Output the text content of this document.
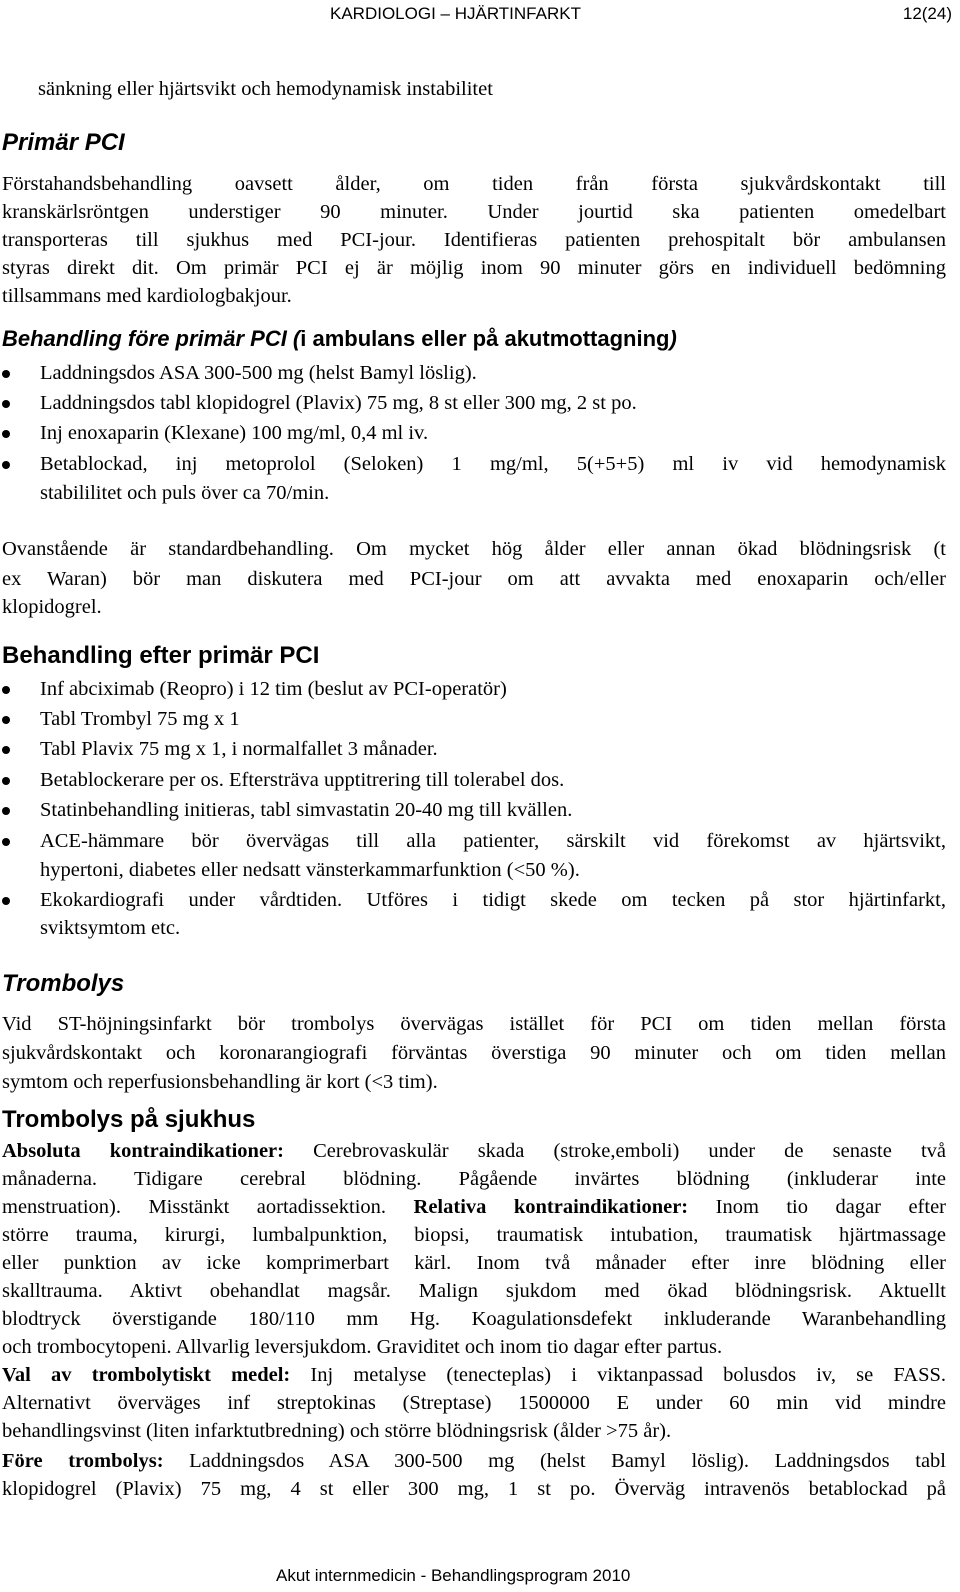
KARDIOLOGI – HJÄRTINFARKT	12(24)
sänkning eller hjärtsvikt och hemodynamisk instabilitet
Primär PCI
Förstahandsbehandling oavsett ålder, om tiden från första sjukvårdskontakt till
kranskärlsröntgen understiger 90 minuter. Under jourtid ska patienten omedelbart
transporteras till sjukhus med PCI-jour. Identifieras patienten prehospitalt bör ambulansen
styras direkt dit. Om primär PCI ej är möjlig inom 90 minuter görs en individuell bedömning
tillsammans med kardiologbakjour.
Behandling före primär PCI (i ambulans eller på akutmottagning)
Laddningsdos ASA 300-500 mg (helst Bamyl löslig).
Laddningsdos tabl klopidogrel (Plavix) 75 mg, 8 st eller 300 mg, 2 st po.
Inj enoxaparin (Klexane) 100 mg/ml, 0,4 ml iv.
Betablockad, inj metoprolol (Seloken) 1 mg/ml, 5(+5+5) ml iv vid hemodynamisk
stabililitet och puls över ca 70/min.
Ovanstående är standardbehandling. Om mycket hög ålder eller annan ökad blödningsrisk (t
ex Waran) bör man diskutera med PCI-jour om att avvakta med enoxaparin och/eller
klopidogrel.
Behandling efter primär PCI
Inf abciximab (Reopro) i 12 tim (beslut av PCI-operatör)
Tabl Trombyl 75 mg x 1
Tabl Plavix 75 mg x 1, i normalfallet 3 månader.
Betablockerare per os. Eftersträva upptitrering till tolerabel dos.
Statinbehandling initieras, tabl simvastatin 20-40 mg till kvällen.
ACE-hämmare bör övervägas till alla patienter, särskilt vid förekomst av hjärtsvikt,
hypertoni, diabetes eller nedsatt vänsterkammarfunktion (<50 %).
Ekokardiografi under vårdtiden. Utföres i tidigt skede om tecken på stor hjärtinfarkt,
sviktsymtom etc.
Trombolys
Vid ST-höjningsinfarkt bör trombolys övervägas istället för PCI om tiden mellan första
sjukvårdskontakt och koronarangiografi förväntas överstiga 90 minuter och om tiden mellan
symtom och reperfusionsbehandling är kort (<3 tim).
Trombolys på sjukhus
Absoluta kontraindikationer: Cerebrovaskulär skada (stroke,emboli) under de senaste två
månaderna. Tidigare cerebral blödning. Pågående invärtes blödning (inkluderar inte
menstruation). Misstänkt aortadissektion. Relativa kontraindikationer: Inom tio dagar efter
större trauma, kirurgi, lumbalpunktion, biopsi, traumatisk intubation, traumatisk hjärtmassage
eller punktion av icke komprimerbart kärl. Inom två månader efter inre blödning eller
skalltrauma. Aktivt obehandlat magsår. Malign sjukdom med ökad blödningsrisk. Aktuellt
blodtryck överstigande 180/110 mm Hg. Koagulationsdefekt inkluderande Waranbehandling
och trombocytopeni. Allvarlig leversjukdom. Graviditet och inom tio dagar efter partus.
Val av trombolytiskt medel: Inj metalyse (tenecteplas) i viktanpassad bolusdos iv, se FASS.
Alternativt överväges inf streptokinas (Streptase) 1500000 E under 60 min vid mindre
behandlingsvinst (liten infarktutbredning) och större blödningsrisk (ålder >75 år).
Före trombolys: Laddningsdos ASA 300-500 mg (helst Bamyl löslig). Laddningsdos tabl
klopidogrel (Plavix) 75 mg, 4 st eller 300 mg, 1 st po. Överväg intravenös betablockad på
Akut internmedicin - Behandlingsprogram 2010
